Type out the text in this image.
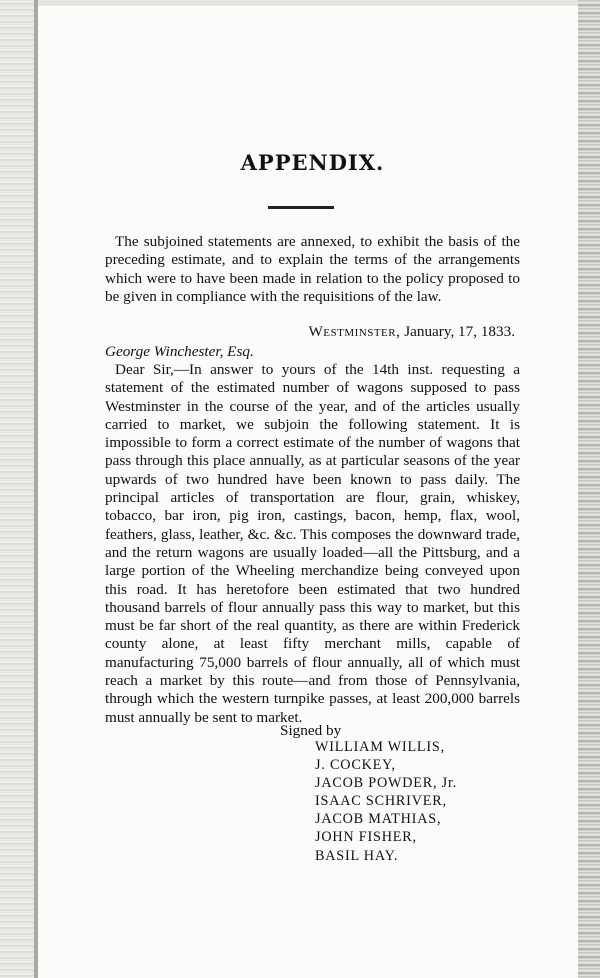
APPENDIX.

The subjoined statements are annexed, to exhibit the basis of the preceding estimate, and to explain the terms of the arrangements which were to have been made in relation to the policy proposed to be given in compliance with the requisitions of the law.

Westminster, January, 17, 1833.

George Winchester, Esq.

Dear Sir,—In answer to yours of the 14th inst. requesting a statement of the estimated number of wagons supposed to pass Westminster in the course of the year, and of the articles usually carried to market, we subjoin the following statement. It is impossible to form a correct estimate of the number of wagons that pass through this place annually, as at particular seasons of the year upwards of two hundred have been known to pass daily. The principal articles of transportation are flour, grain, whiskey, tobacco, bar iron, pig iron, castings, bacon, hemp, flax, wool, feathers, glass, leather, &c. &c. This composes the downward trade, and the return wagons are usually loaded—all the Pittsburg, and a large portion of the Wheeling merchandize being conveyed upon this road. It has heretofore been estimated that two hundred thousand barrels of flour annually pass this way to market, but this must be far short of the real quantity, as there are within Frederick county alone, at least fifty merchant mills, capable of manufacturing 75,000 barrels of flour annually, all of which must reach a market by this route—and from those of Pennsylvania, through which the western turnpike passes, at least 200,000 barrels must annually be sent to market.

Signed by

WILLIAM WILLIS,
J. COCKEY,
JACOB POWDER, Jr.
ISAAC SCHRIVER,
JACOB MATHIAS,
JOHN FISHER,
BASIL HAY.
